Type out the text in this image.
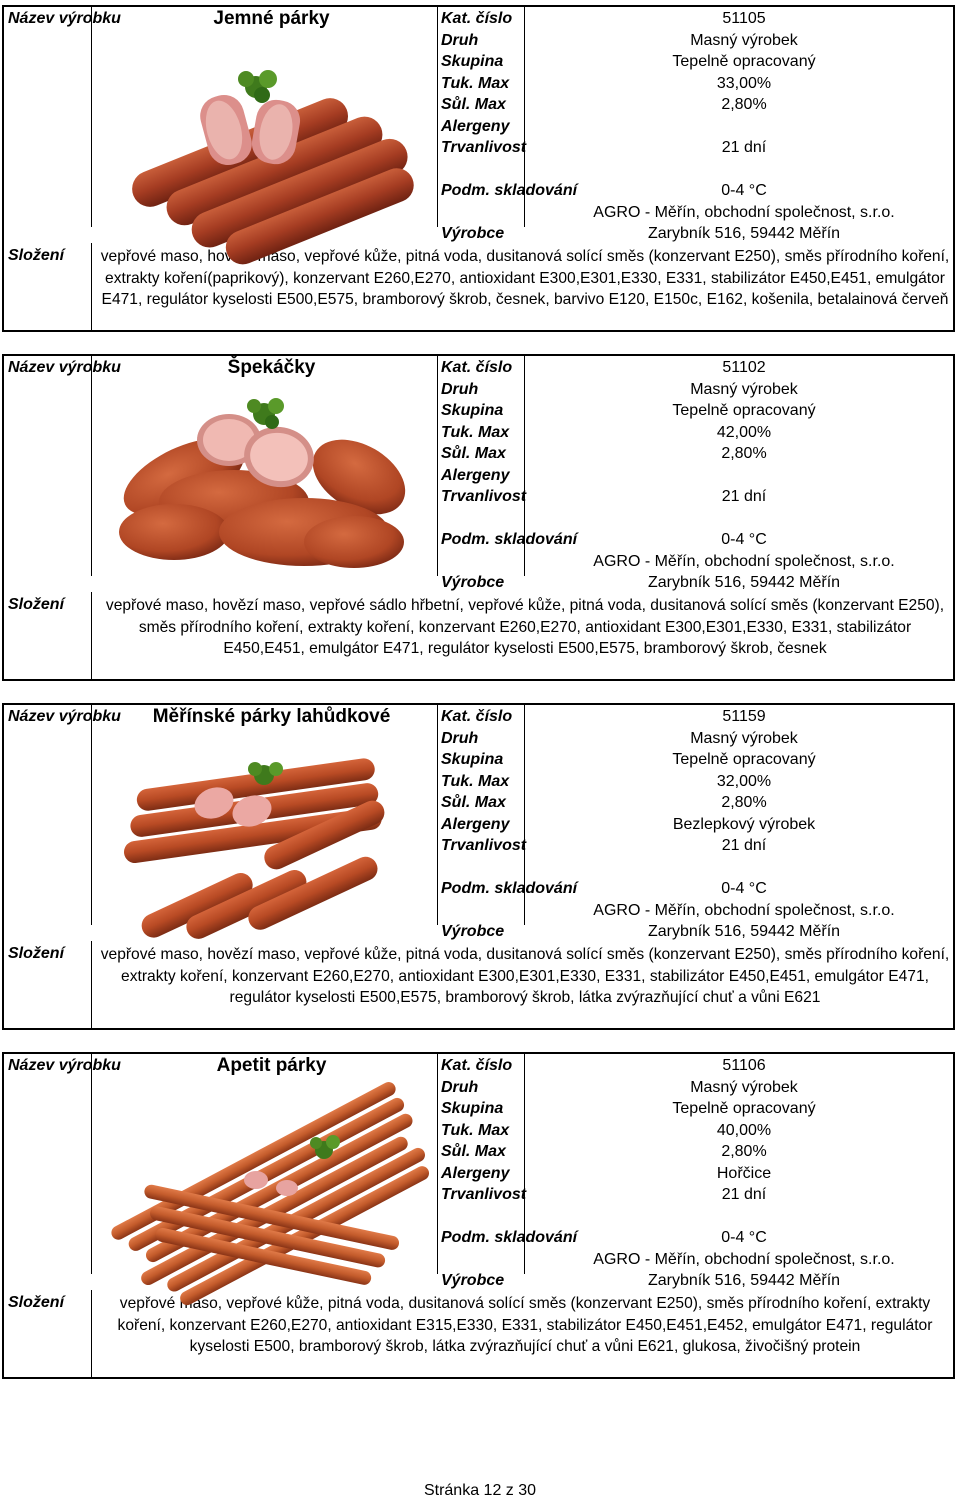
Název výrobku	Jemné párky	Kat. číslo	51105
Druh	Masný výrobek
Skupina	Tepelně opracovaný
Tuk. Max	33,00%
Sůl. Max	2,80%
Alergeny
Trvanlivost	21 dní
Podm. skladování	0-4 °C
AGRO - Měřín, obchodní společnost, s.r.o.
Výrobce	Zarybník 516, 59442 Měřín
Složení	vepřové maso, hovězí maso, vepřové kůže, pitná voda, dusitanová solící směs (konzervant E250), směs přírodního koření, extrakty koření(paprikový), konzervant E260,E270, antioxidant E300,E301,E330, E331, stabilizátor E450,E451, emulgátor E471, regulátor kyselosti E500,E575, bramborový škrob, česnek, barvivo E120, E150c, E162, košenila, betalainová červeň
Název výrobku	Špekáčky	Kat. číslo	51102
Druh	Masný výrobek
Skupina	Tepelně opracovaný
Tuk. Max	42,00%
Sůl. Max	2,80%
Alergeny
Trvanlivost	21 dní
Podm. skladování	0-4 °C
AGRO - Měřín, obchodní společnost, s.r.o.
Výrobce	Zarybník 516, 59442 Měřín
Složení	vepřové maso, hovězí maso, vepřové sádlo hřbetní, vepřové kůže, pitná voda, dusitanová solící směs (konzervant E250), směs přírodního koření, extrakty koření, konzervant E260,E270, antioxidant E300,E301,E330, E331, stabilizátor E450,E451, emulgátor E471, regulátor kyselosti E500,E575, bramborový škrob, česnek
Název výrobku	Měřínské párky lahůdkové	Kat. číslo	51159
Druh	Masný výrobek
Skupina	Tepelně opracovaný
Tuk. Max	32,00%
Sůl. Max	2,80%
Alergeny	Bezlepkový výrobek
Trvanlivost	21 dní
Podm. skladování	0-4 °C
AGRO - Měřín, obchodní společnost, s.r.o.
Výrobce	Zarybník 516, 59442 Měřín
Složení	vepřové maso, hovězí maso, vepřové kůže, pitná voda, dusitanová solící směs (konzervant E250), směs přírodního koření, extrakty koření, konzervant E260,E270, antioxidant E300,E301,E330, E331, stabilizátor E450,E451, emulgátor E471, regulátor kyselosti E500,E575, bramborový škrob, látka zvýrazňující chuť a vůni E621
Název výrobku	Apetit párky	Kat. číslo	51106
Druh	Masný výrobek
Skupina	Tepelně opracovaný
Tuk. Max	40,00%
Sůl. Max	2,80%
Alergeny	Hořčice
Trvanlivost	21 dní
Podm. skladování	0-4 °C
AGRO - Měřín, obchodní společnost, s.r.o.
Výrobce	Zarybník 516, 59442 Měřín
Složení	vepřové maso, vepřové kůže, pitná voda, dusitanová solící směs (konzervant E250), směs přírodního koření, extrakty koření, konzervant E260,E270, antioxidant E315,E330, E331, stabilizátor E450,E451,E452, emulgátor E471, regulátor kyselosti E500, bramborový škrob, látka zvýrazňující chuť a vůni E621, glukosa, živočišný protein
Stránka 12 z 30
